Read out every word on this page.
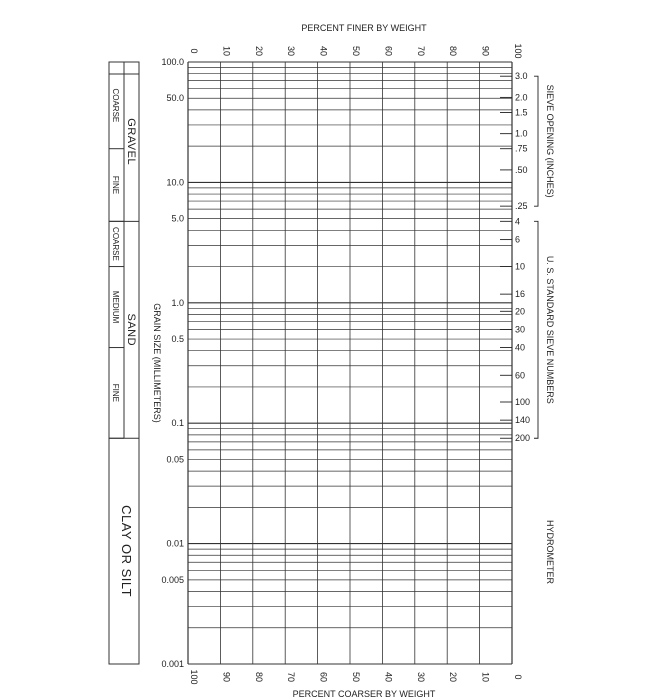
GRAVEL
COARSE
FINE
SAND
COARSE
MEDIUM
FINE
CLAY OR SILT
0
100
10
90
20
80
30
70
40
60
50
50
60
40
70
30
80
20
90
10
100
0
100.0
50.0
10.0
5.0
1.0
0.5
0.1
0.05
0.01
0.005
0.001
3.0
2.0
1.5
1.0
.75
.50
.25
4
6
10
16
20
30
40
60
100
140
200
PERCENT FINER BY WEIGHT
PERCENT COARSER BY WEIGHT
GRAIN SIZE (MILLIMETERS)
SIEVE OPENING (INCHES)
U. S. STANDARD SIEVE NUMBERS
HYDROMETER
